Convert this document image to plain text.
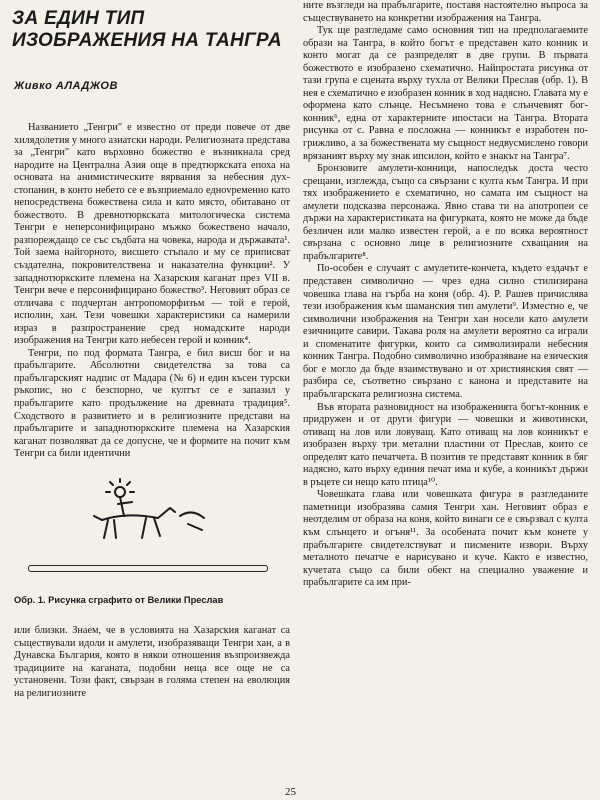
ЗА ЕДИН ТИП
ИЗОБРАЖЕНИЯ НА ТАНГРА
Живко АЛАДЖОВ

Названието „Тенгри" е известно от преди повече от две хилядолетия у много азиатски народи. Религиозната представа за „Тенгри" като върховно божество е възникнала сред народите на Централна Азия още в предтюркската епоха на основата на анимистическите вярвания за небесния дух-стопанин, в конто небето се е възприемало еднovременно като непосредствена божествена сила и като място, обитавано от божеството. В древнотюркската митологическа система Тенгри е неперсонифицирано мъжко божествено начало, разпореждащо се със съдбата на човека, народа и държавата¹. Той заема найгорното, висшето стъпало и му се приписват създателна, покровителствена и наказателна функции². У западнотюркските племена на Хазарския каганат през VII в. Тенгри вече е персонифицирано божество³. Неговият образ се отличава с подчертан антропоморфизъм — той е герой, исполин, хан. Тези човешки характеристики са намерили израз в разпространение сред номадските народи изображения на Тенгри като небесен герой и конник⁴.

Тенгри, по под формата Тангра, е бил висш бог и на прабългарите. Абсолютни свидетелства за това са прабългарският надпис от Мадара (№ 6) и един късен турски ръкопис, но с безспорно, че култът се е запазил у прабългарите като продължение на древната традиция⁵. Сходството в развитието и в религиозните представи на прабългарите и западнотюркските племена на Хазарския каганат позволяват да се допусне, че и формите на почит към Тенгри са били идентични

Обр. 1. Рисунка сграфито от Велики Преслав

или близки. Знаем, че в условията на Хазарския каганат са съществували идоли и амулети, изобразяващи Тенгри хан, а в Дунавска България, която в някои отношения възпроизвежда традициите на каганата, подобни неща все още не са установени. Този факт, свързан в голяма степен на еволюция на религиозните

ните възгледи на прабългарите, поставя настоятелно въпроса за съществуването на конкретни изображения на Тангра.

Тук ще разгледаме само основния тип на предполагаемите образи на Тангра, в който богът е представен като конник и конто могат да се разпределят в две групи. В първата божеството е изобразено схематично. Найпростата рисунка от тази група е сцената върху тухла от Велики Преслав (обр. 1). В нея е схематично е изобразен конник в ход надясно. Главата му е оформена като слънце. Несъмнено това е слънчевият бог-конник⁶, една от характерните ипостаси на Тангра. Втората рисунка от с. Равна е посложна — конникът е изработен по-грижливо, а за божествената му същност недвусмислено говори врязаният върху му знак ипсилон, който е знакът на Тангра⁷.

Бронзовите амулети-конници, напоследък доста често срещани, изглежда, също са свързани с култа към Тангра. И при тях изображението е схематично, но самата им същност на амулети подсказва персонажа. Явно става ти на апотропеи се държи на характеристиката на фигурката, която не може да бъде безличен или малко известен герой, а е по всяка вероятност свързана с основно лице в религиозните схващания на прабългарите⁸.

По-особен е случаят с амулетите-кончета, където ездачът е представен символично — чрез една силно стилизирана човешка глава на гърба на коня (обр. 4). Р. Рашев причислява тези изображения към шаманския тип амулети⁹. Изместно е, че символични изображения на Тенгри хан носели като амулети езичниците савири. Такава роля на амулети вероятно са играли и споменатите фигурки, които са символизирали небесния конник Тангра. Подобно символично изобразяване на езическия бог е могло да бъде взаимствувано и от християнския свят — разбира се, съответно свързано с канона и представите на прабългарската религиозна система.

Във втората разновидност на изображенията богът-конник е придружен и от други фигури — човешки и животински, отиващ на лов или ловуващ. Като отиващ на лов конникът е изобразен върху три метални пластини от Преслав, които се определят като печатчета. В позитив те представят конник в бяг надясно, като върху единия печат има и кубе, а конникът държи в ръцете си нещо като птица¹⁰.

Човешката глава или човешката фигура в разгледаните паметници изобразява самия Тенгри хан. Неговият образ е неотделим от образа на коня, който винаги се е свързвал с култа към слънцето и огъня¹¹. За особената почит към конете у прабългарите свидетелствуват и писмените извори. Върху металното печатче е нарисувано и куче. Както е известно, кучетата също са били обект на специално уважение и прабългарите са им при-

25
